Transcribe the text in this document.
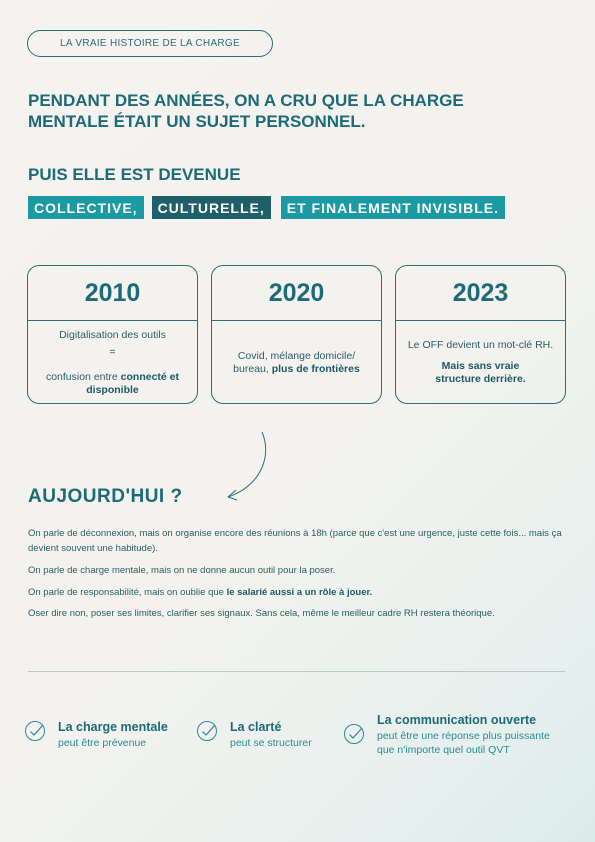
LA VRAIE HISTOIRE DE LA CHARGE
PENDANT DES ANNÉES, ON A CRU QUE LA CHARGE MENTALE ÉTAIT UN SUJET PERSONNEL.
PUIS ELLE EST DEVENUE
COLLECTIVE,	CULTURELLE,	ET FINALEMENT INVISIBLE.
2010
Digitalisation des outils
=
confusion entre connecté et disponible
2020
Covid, mélange domicile/ bureau, plus de frontières
2023
Le OFF devient un mot-clé RH.
Mais sans vraie structure derrière.
AUJOURD'HUI ?
On parle de déconnexion, mais on organise encore des réunions à 18h (parce que c'est une urgence, juste cette fois... mais ça devient souvent une habitude).
On parle de charge mentale, mais on ne donne aucun outil pour la poser.
On parle de responsabilité, mais on oublie que le salarié aussi a un rôle à jouer.
Oser dire non, poser ses limites, clarifier ses signaux. Sans cela, même le meilleur cadre RH restera théorique.
La charge mentale
peut être prévenue
La clarté
peut se structurer
La communication ouverte
peut être une réponse plus puissante que n'importe quel outil QVT
